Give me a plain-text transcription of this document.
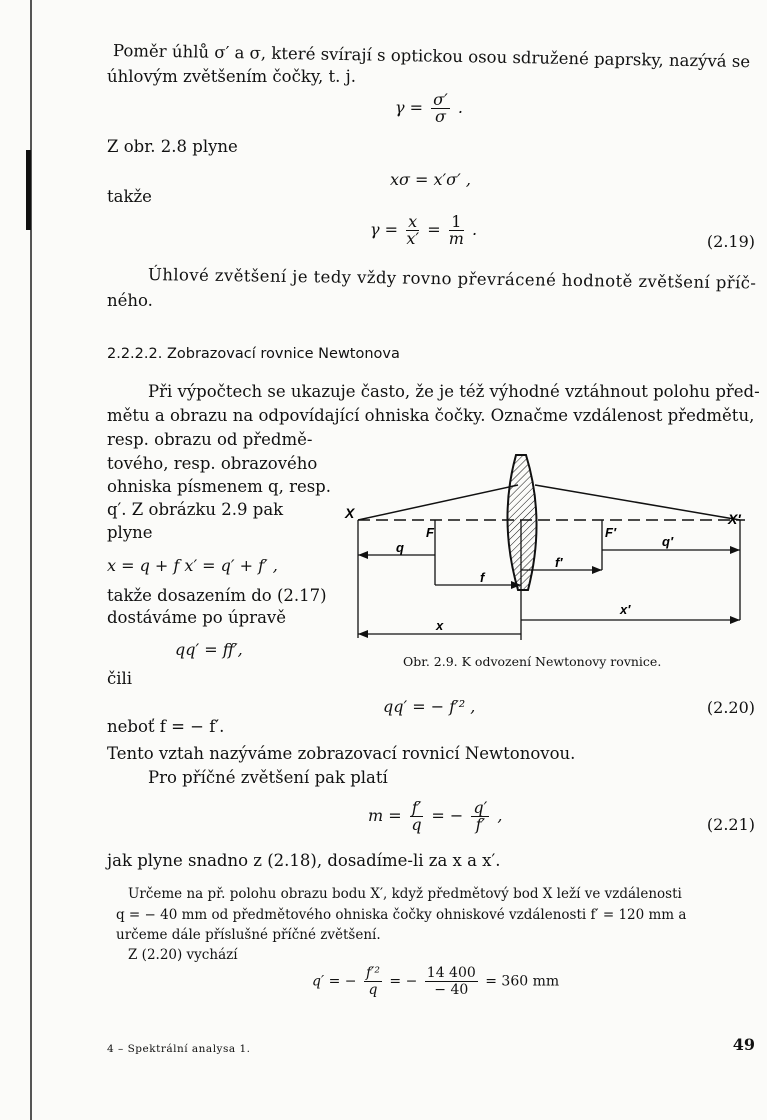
Poměr úhlů σ′ a σ, které svírají s optickou osou sdružené paprsky, nazývá se
úhlovým zvětšením čočky, t. j.
$\gamma = \frac{\sigma'}{\sigma}$ .
Z obr. 2.8 plyne
xσ = x′σ′ ,
takže
$\gamma = \frac{x}{x'} = \frac{1}{m}$ .
(2.19)
Úhlové zvětšení je tedy vždy rovno převrácené hodnotě zvětšení příč-
ného.
2.2.2.2. Zobrazovací rovnice Newtonova
Při výpočtech se ukazuje často, že je též výhodné vztáhnout polohu před-
mětu a obrazu na odpovídající ohniska čočky. Označme vzdálenost předmětu,
resp. obrazu od předmě-
tového, resp. obrazového
ohniska písmenem q, resp.
q′. Z obrázku 2.9 pak
plyne
x = q + f x′ = q′ + f′ ,
takže dosazením do (2.17)
dostáváme po úpravě
qq′ = ff′,
čili
X	X′
F	F′
q	q′
f
f′
x
x′
Obr. 2.9. K odvození Newtonovy rovnice.
qq′ = − f′² ,	(2.20)
neboť f = − f′.
Tento vztah nazýváme zobrazovací rovnicí Newtonovou.
Pro příčné zvětšení pak platí
$m = \frac{f'}{q}$ = − $\frac{q'}{f'}$ ,	(2.21)
jak plyne snadno z (2.18), dosadíme-li za x a x′.
Určeme na př. polohu obrazu bodu X′, když předmětový bod X leží ve vzdálenosti
q = − 40 mm od předmětového ohniska čočky ohniskové vzdálenosti f′ = 120 mm a
určeme dále příslušné příčné zvětšení.
Z (2.20) vychází
q′ = − $\frac{\text{f′²}}{q}$ = − $\frac{14 400}{- 40} = 360$ mm
4 – Spektrální analysa 1.	49
